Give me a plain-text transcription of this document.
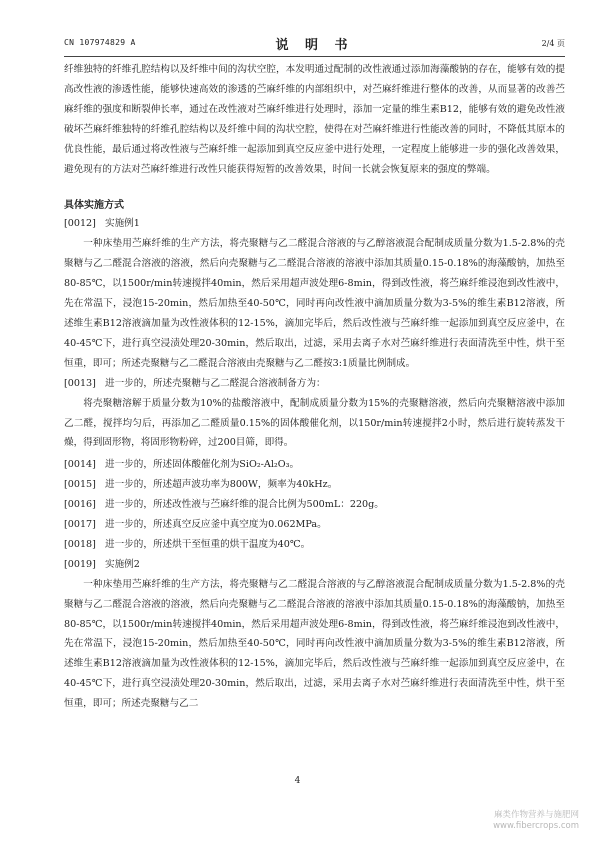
CN 107974829 A	说 明 书	2/4 页

纤维独特的纤维孔腔结构以及纤维中间的沟状空腔，本发明通过配制的改性液通过添加海藻酸钠的存在，能够有效的提高改性液的渗透性能，能够快速高效的渗透的苎麻纤维的内部组织中，对苎麻纤维进行整体的改善，从而显著的改善苎麻纤维的强度和断裂伸长率，通过在改性液对苎麻纤维进行处理时，添加一定量的维生素B12，能够有效的避免改性液破坏苎麻纤维独特的纤维孔腔结构以及纤维中间的沟状空腔，使得在对苎麻纤维进行性能改善的同时，不降低其原本的优良性能，最后通过将改性液与苎麻纤维一起添加到真空反应釜中进行处理，一定程度上能够进一步的强化改善效果，避免现有的方法对苎麻纤维进行改性只能获得短暂的改善效果，时间一长就会恢复原来的强度的弊端。

具体实施方式

[0012] 实施例1

一种床垫用苎麻纤维的生产方法，将壳聚糖与乙二醛混合溶液的与乙醇溶液混合配制成质量分数为1.5-2.8%的壳聚糖与乙二醛混合溶液的溶液，然后向壳聚糖与乙二醛混合溶液的溶液中添加其质量0.15-0.18%的海藻酸钠，加热至80-85℃，以1500r/min转速搅拌40min，然后采用超声波处理6-8min，得到改性液，将苎麻纤维浸泡到改性液中，先在常温下，浸泡15-20min，然后加热至40-50℃，同时再向改性液中滴加质量分数为3-5%的维生素B12溶液，所述维生素B12溶液滴加量为改性液体积的12-15%，滴加完毕后，然后改性液与苎麻纤维一起添加到真空反应釜中，在40-45℃下，进行真空浸渍处理20-30min，然后取出，过滤，采用去离子水对苎麻纤维进行表面清洗至中性，烘干至恒重，即可；所述壳聚糖与乙二醛混合溶液由壳聚糖与乙二醛按3:1质量比例制成。

[0013] 进一步的，所述壳聚糖与乙二醛混合溶液制备方为：

将壳聚糖溶解于质量分数为10%的盐酸溶液中，配制成质量分数为15%的壳聚糖溶液，然后向壳聚糖溶液中添加乙二醛，搅拌均匀后，再添加乙二醛质量0.15%的固体酸催化剂，以150r/min转速搅拌2小时，然后进行旋转蒸发干燥，得到固形物，将固形物粉碎，过200目筛，即得。

[0014] 进一步的，所述固体酸催化剂为SiO₂-Al₂O₃。

[0015] 进一步的，所述超声波功率为800W，频率为40kHz。

[0016] 进一步的，所述改性液与苎麻纤维的混合比例为500mL：220g。

[0017] 进一步的，所述真空反应釜中真空度为0.062MPa。

[0018] 进一步的，所述烘干至恒重的烘干温度为40℃。

[0019] 实施例2

一种床垫用苎麻纤维的生产方法，将壳聚糖与乙二醛混合溶液的与乙醇溶液混合配制成质量分数为1.5-2.8%的壳聚糖与乙二醛混合溶液的溶液，然后向壳聚糖与乙二醛混合溶液的溶液中添加其质量0.15-0.18%的海藻酸钠，加热至80-85℃，以1500r/min转速搅拌40min，然后采用超声波处理6-8min，得到改性液，将苎麻纤维浸泡到改性液中，先在常温下，浸泡15-20min，然后加热至40-50℃，同时再向改性液中滴加质量分数为3-5%的维生素B12溶液，所述维生素B12溶液滴加量为改性液体积的12-15%，滴加完毕后，然后改性液与苎麻纤维一起添加到真空反应釜中，在40-45℃下，进行真空浸渍处理20-30min，然后取出，过滤，采用去离子水对苎麻纤维进行表面清洗至中性，烘干至恒重，即可；所述壳聚糖与乙二

4
麻类作物营养与施肥网
www.fibercrops.com
